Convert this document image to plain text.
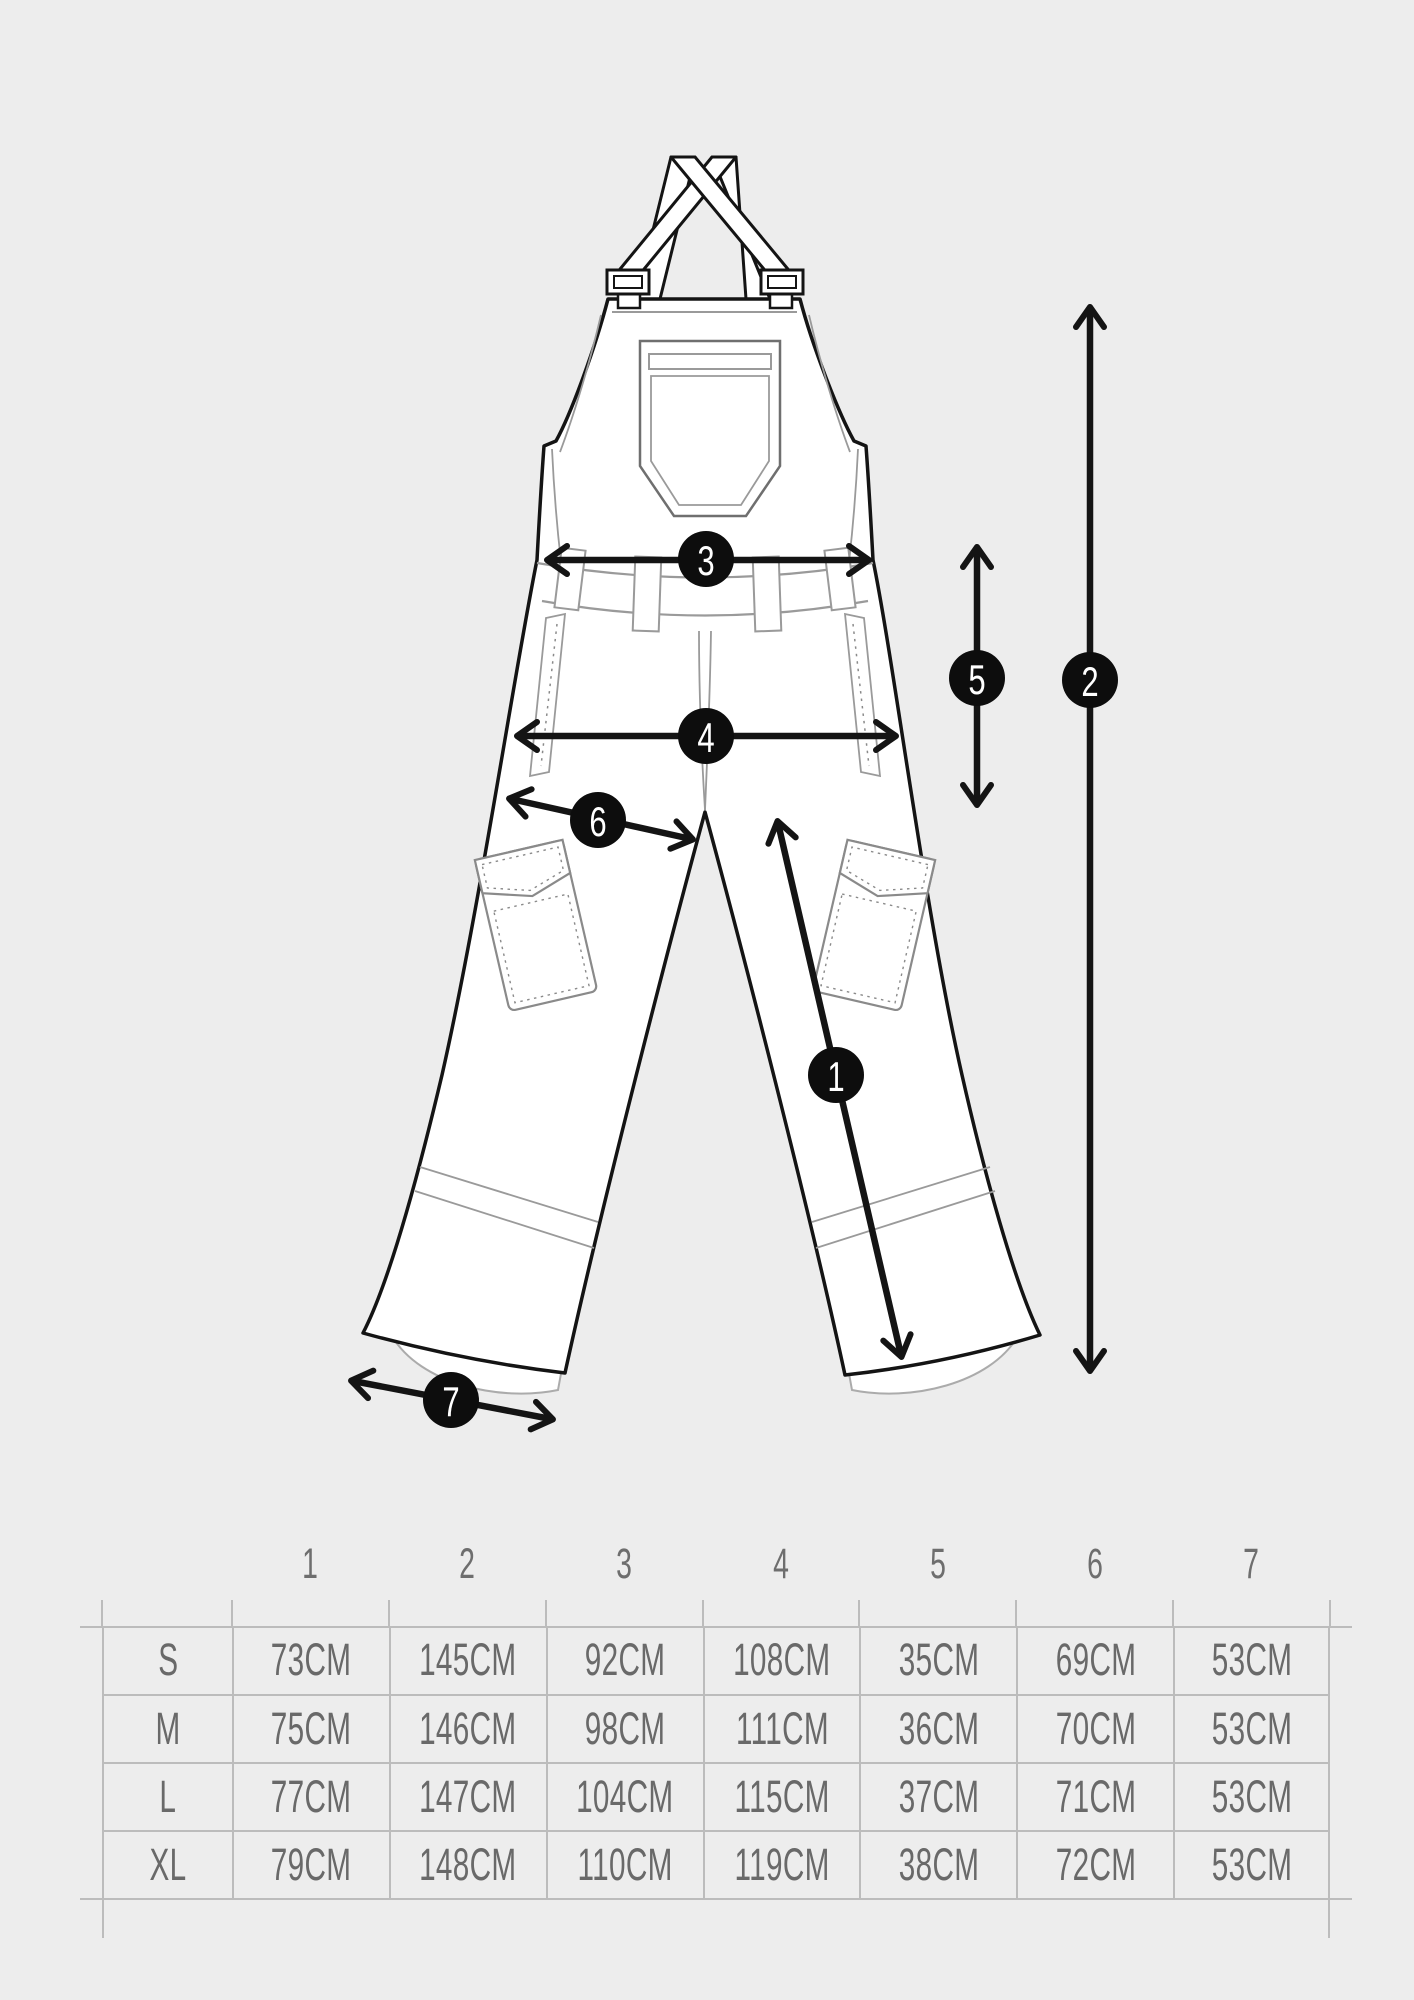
1
2
3
4
5
6
7
1	2	3	4	5	6	7
S 73CM 145CM 92CM 108CM 35CM 69CM 53CM
M 75CM 146CM 98CM 111CM 36CM 70CM 53CM
L 77CM 147CM 104CM 115CM 37CM 71CM 53CM
XL 79CM 148CM 110CM 119CM 38CM 72CM 53CM
